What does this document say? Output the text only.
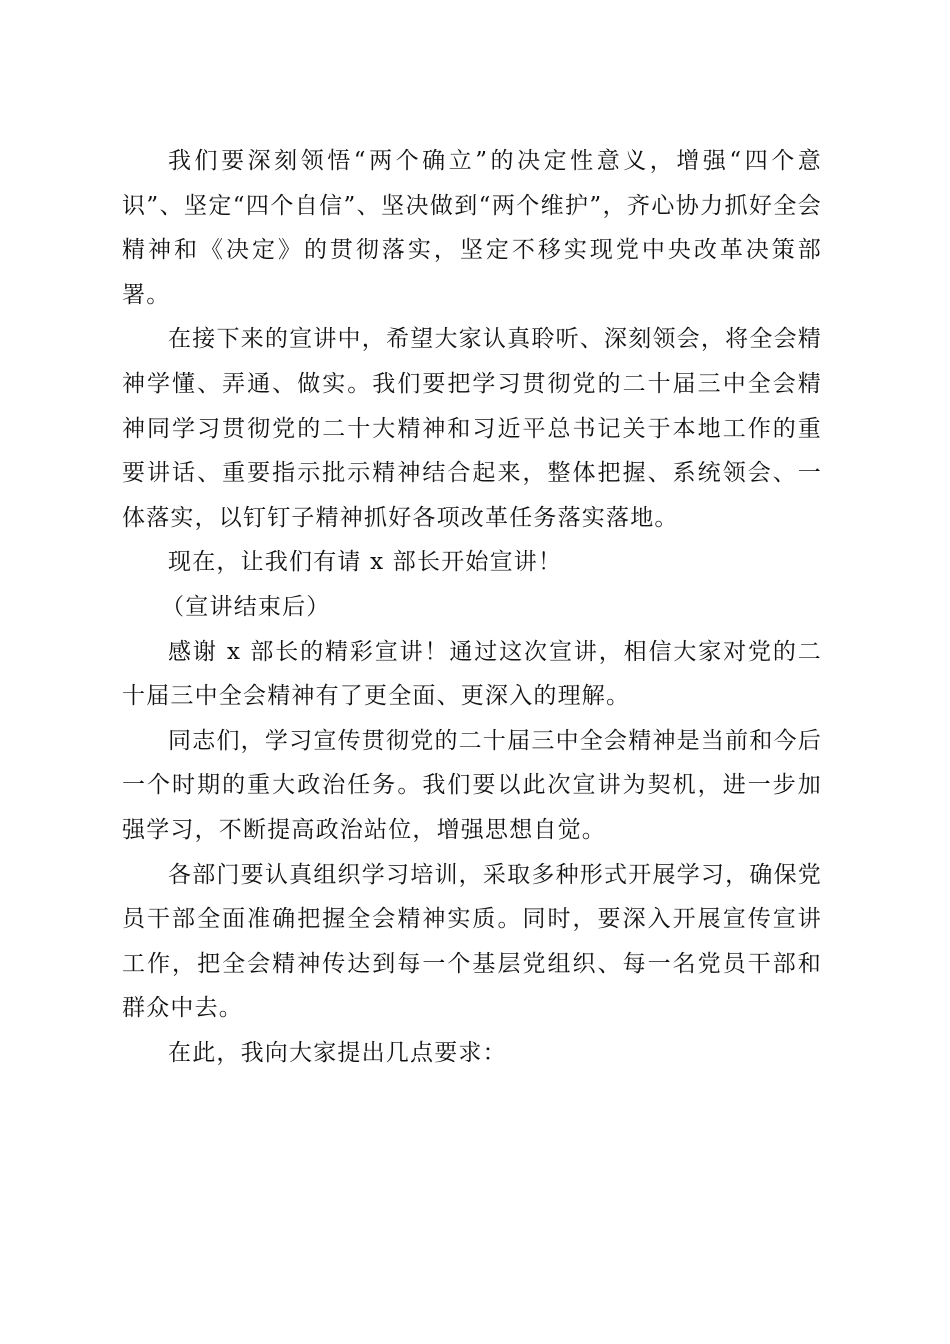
我们要深刻领悟“两个确立”的决定性意义，增强“四个意识”、坚定“四个自信”、坚决做到“两个维护”，齐心协力抓好全会精神和《决定》的贯彻落实，坚定不移实现党中央改革决策部署。

在接下来的宣讲中，希望大家认真聆听、深刻领会，将全会精神学懂、弄通、做实。我们要把学习贯彻党的二十届三中全会精神同学习贯彻党的二十大精神和习近平总书记关于本地工作的重要讲话、重要指示批示精神结合起来，整体把握、系统领会、一体落实，以钉钉子精神抓好各项改革任务落实落地。

现在，让我们有请 x 部长开始宣讲！

（宣讲结束后）

感谢 x 部长的精彩宣讲！通过这次宣讲，相信大家对党的二十届三中全会精神有了更全面、更深入的理解。

同志们，学习宣传贯彻党的二十届三中全会精神是当前和今后一个时期的重大政治任务。我们要以此次宣讲为契机，进一步加强学习，不断提高政治站位，增强思想自觉。

各部门要认真组织学习培训，采取多种形式开展学习，确保党员干部全面准确把握全会精神实质。同时，要深入开展宣传宣讲工作，把全会精神传达到每一个基层党组织、每一名党员干部和群众中去。

在此，我向大家提出几点要求：
